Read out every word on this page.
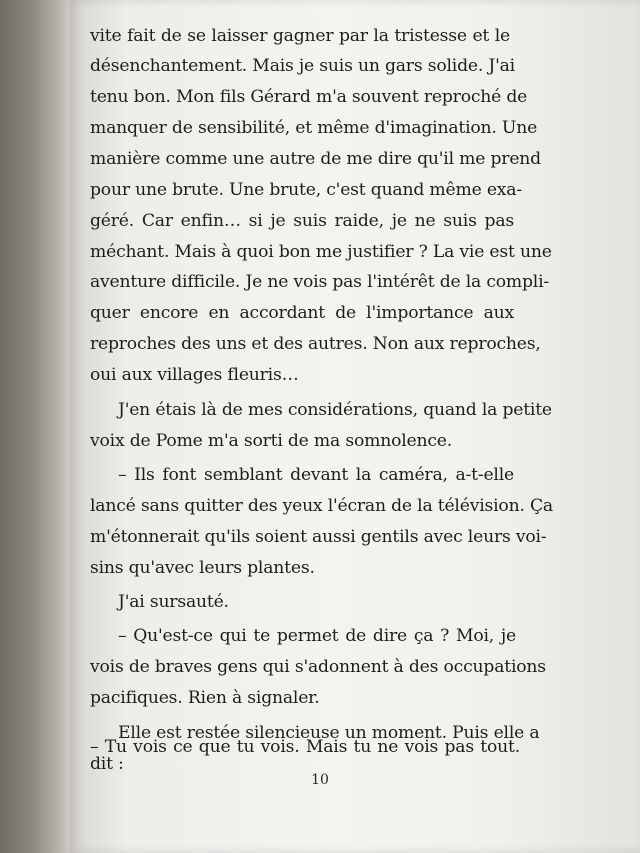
vite fait de se laisser gagner par la tristesse et le
désenchantement. Mais je suis un gars solide. J'ai
tenu bon. Mon fils Gérard m'a souvent reproché de
manquer de sensibilité, et même d'imagination. Une
manière comme une autre de me dire qu'il me prend
pour une brute. Une brute, c'est quand même exa-
géré. Car enfin… si je suis raide, je ne suis pas
méchant. Mais à quoi bon me justifier ? La vie est une
aventure difficile. Je ne vois pas l'intérêt de la compli-
quer encore en accordant de l'importance aux
reproches des uns et des autres. Non aux reproches,
oui aux villages fleuris…
J'en étais là de mes considérations, quand la petite
voix de Pome m'a sorti de ma somnolence.
– Ils font semblant devant la caméra, a-t-elle
lancé sans quitter des yeux l'écran de la télévision. Ça
m'étonnerait qu'ils soient aussi gentils avec leurs voi-
sins qu'avec leurs plantes.
J'ai sursauté.
– Qu'est-ce qui te permet de dire ça ? Moi, je
vois de braves gens qui s'adonnent à des occupations
pacifiques. Rien à signaler.
Elle est restée silencieuse un moment. Puis elle a
dit :
– Tu vois ce que tu vois. Mais tu ne vois pas tout.
10
